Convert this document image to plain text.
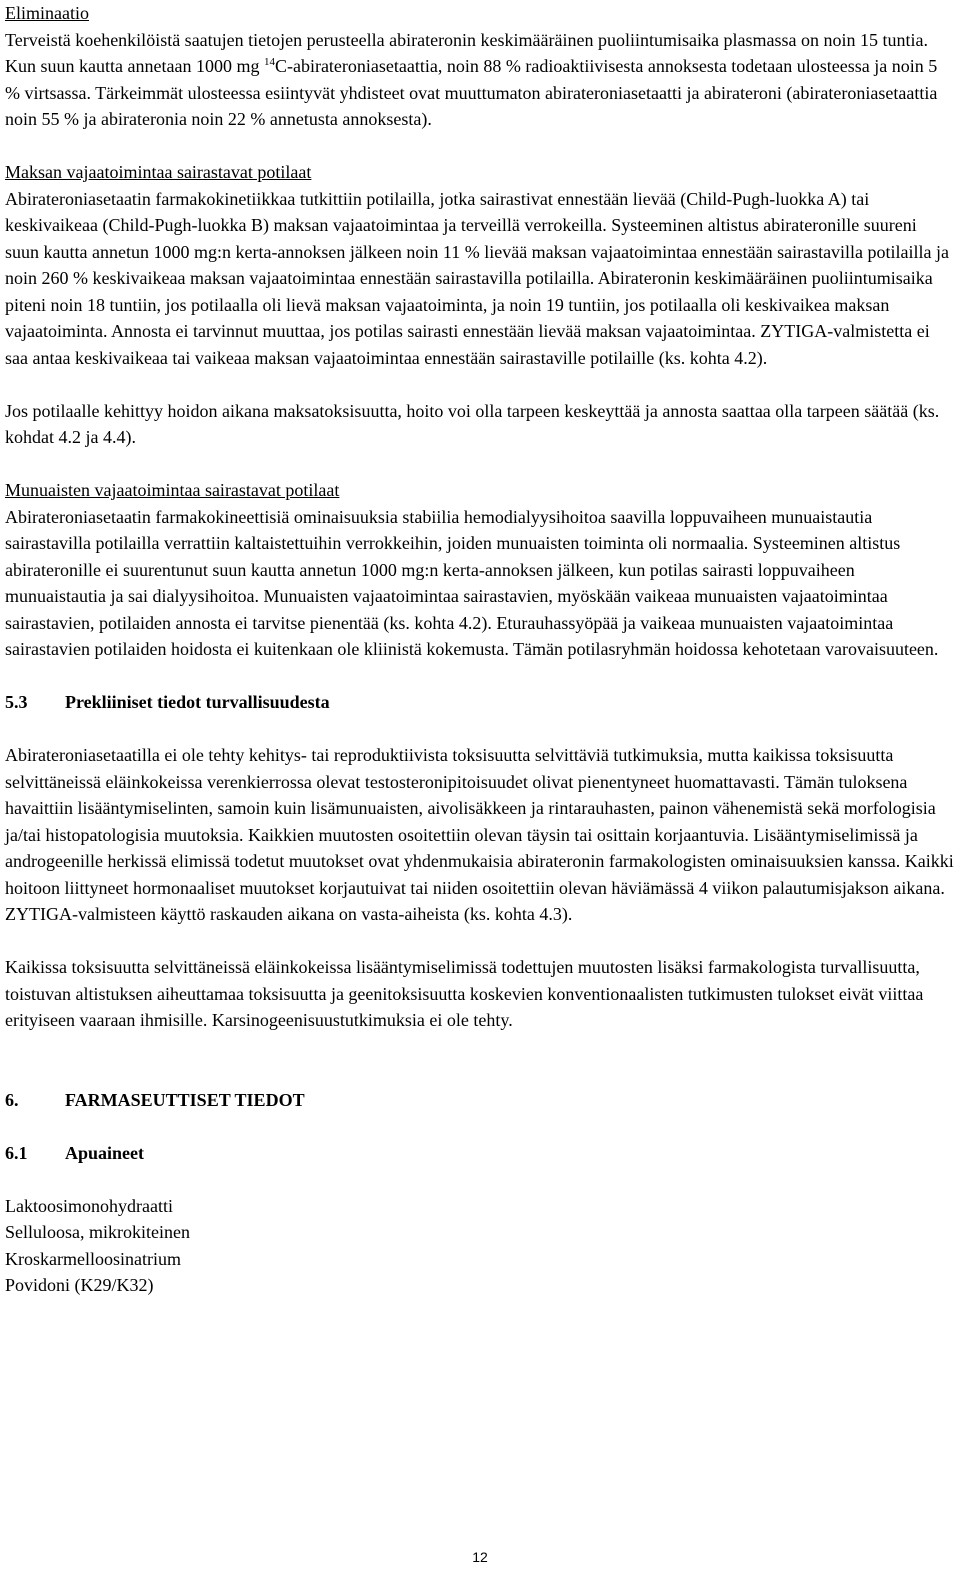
Eliminaatio

Terveistä koehenkilöistä saatujen tietojen perusteella abirateronin keskimääräinen puoliintumisaika plasmassa on noin 15 tuntia. Kun suun kautta annetaan 1000 mg $^{14}$C-abirateroniasetaattia, noin 88 % radioaktiivisesta annoksesta todetaan ulosteessa ja noin 5 % virtsassa. Tärkeimmät ulosteessa esiintyvät yhdisteet ovat muuttumaton abirateroniasetaatti ja abirateroni (abirateroniasetaattia noin 55 % ja abirateronia noin 22 % annetusta annoksesta).

Maksan vajaatoimintaa sairastavat potilaat

Abirateroniasetaatin farmakokinetiikkaa tutkittiin potilailla, jotka sairastivat ennestään lievää (Child-Pugh-luokka A) tai keskivaikeaa (Child-Pugh-luokka B) maksan vajaatoimintaa ja terveillä verrokeilla. Systeeminen altistus abirateronille suureni suun kautta annetun 1000 mg:n kerta-annoksen jälkeen noin 11 % lievää maksan vajaatoimintaa ennestään sairastavilla potilailla ja noin 260 % keskivaikeaa maksan vajaatoimintaa ennestään sairastavilla potilailla. Abirateronin keskimääräinen puoliintumisaika piteni noin 18 tuntiin, jos potilaalla oli lievä maksan vajaatoiminta, ja noin 19 tuntiin, jos potilaalla oli keskivaikea maksan vajaatoiminta. Annosta ei tarvinnut muuttaa, jos potilas sairasti ennestään lievää maksan vajaatoimintaa. ZYTIGA-valmistetta ei saa antaa keskivaikeaa tai vaikeaa maksan vajaatoimintaa ennestään sairastaville potilaille (ks. kohta 4.2).

Jos potilaalle kehittyy hoidon aikana maksatoksisuutta, hoito voi olla tarpeen keskeyttää ja annosta saattaa olla tarpeen säätää (ks. kohdat 4.2 ja 4.4).

Munuaisten vajaatoimintaa sairastavat potilaat

Abirateroniasetaatin farmakokineettisiä ominaisuuksia stabiilia hemodialyysihoitoa saavilla loppuvaiheen munuaistautia sairastavilla potilailla verrattiin kaltaistettuihin verrokkeihin, joiden munuaisten toiminta oli normaalia. Systeeminen altistus abirateronille ei suurentunut suun kautta annetun 1000 mg:n kerta-annoksen jälkeen, kun potilas sairasti loppuvaiheen munuaistautia ja sai dialyysihoitoa. Munuaisten vajaatoimintaa sairastavien, myöskään vaikeaa munuaisten vajaatoimintaa sairastavien, potilaiden annosta ei tarvitse pienentää (ks. kohta 4.2). Eturauhassyöpää ja vaikeaa munuaisten vajaatoimintaa sairastavien potilaiden hoidosta ei kuitenkaan ole kliinistä kokemusta. Tämän potilasryhmän hoidossa kehotetaan varovaisuuteen.

5.3	Prekliiniset tiedot turvallisuudesta

Abirateroniasetaatilla ei ole tehty kehitys- tai reproduktiivista toksisuutta selvittäviä tutkimuksia, mutta kaikissa toksisuutta selvittäneissä eläinkokeissa verenkierrossa olevat testosteronipitoisuudet olivat pienentyneet huomattavasti. Tämän tuloksena havaittiin lisääntymiselinten, samoin kuin lisämunuaisten, aivolisäkkeen ja rintarauhasten, painon vähenemistä sekä morfologisia ja/tai histopatologisia muutoksia. Kaikkien muutosten osoitettiin olevan täysin tai osittain korjaantuvia. Lisääntymiselimissä ja androgeenille herkissä elimissä todetut muutokset ovat yhdenmukaisia abirateronin farmakologisten ominaisuuksien kanssa. Kaikki hoitoon liittyneet hormonaaliset muutokset korjautuivat tai niiden osoitettiin olevan häviämässä 4 viikon palautumisjakson aikana. ZYTIGA-valmisteen käyttö raskauden aikana on vasta-aiheista (ks. kohta 4.3).

Kaikissa toksisuutta selvittäneissä eläinkokeissa lisääntymiselimissä todettujen muutosten lisäksi farmakologista turvallisuutta, toistuvan altistuksen aiheuttamaa toksisuutta ja geenitoksisuutta koskevien konventionaalisten tutkimusten tulokset eivät viittaa erityiseen vaaraan ihmisille. Karsinogeenisuustutkimuksia ei ole tehty.

6.	FARMASEUTTISET TIEDOT
6.1	Apuaineet
Laktoosimonohydraatti
Selluloosa, mikrokiteinen
Kroskarmelloosinatrium
Povidoni (K29/K32)
12
